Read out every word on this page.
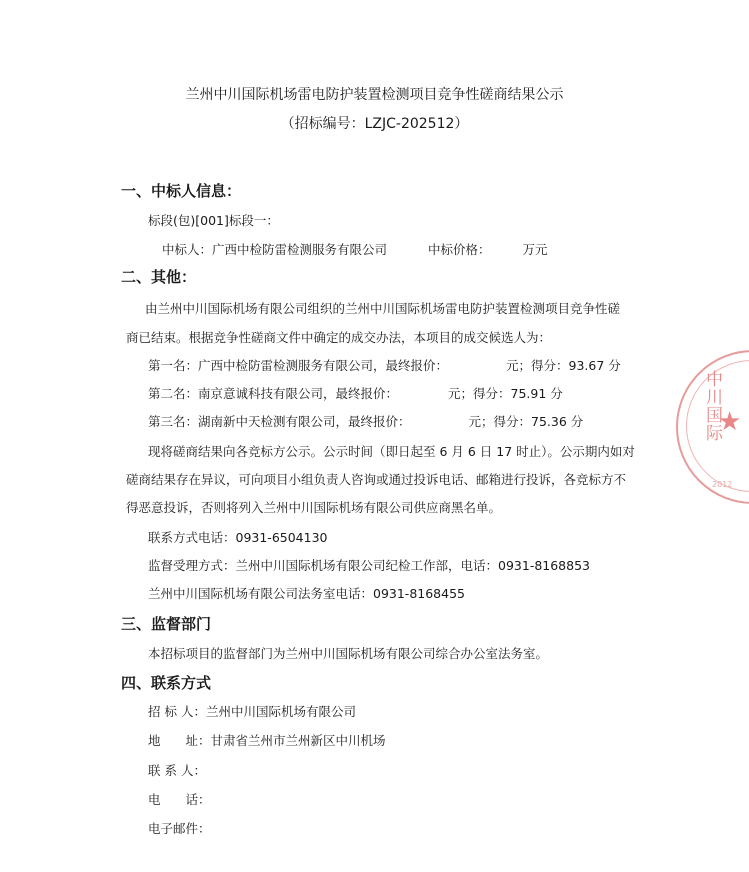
兰州中川国际机场雷电防护装置检测项目竞争性磋商结果公示
（招标编号：LZJC-202512）
一、中标人信息：
标段(包)[001]标段一：
中标人：广西中检防雷检测服务有限公司	中标价格：	万元
二、其他：
由兰州中川国际机场有限公司组织的兰州中川国际机场雷电防护装置检测项目竞争性磋
商已结束。根据竞争性磋商文件中确定的成交办法，本项目的成交候选人为：
第一名：广西中检防雷检测服务有限公司，最终报价：	元；得分：93.67 分
第二名：南京意诚科技有限公司，最终报价：	元；得分：75.91 分
第三名：湖南新中天检测有限公司，最终报价：	元；得分：75.36 分
现将磋商结果向各竞标方公示。公示时间（即日起至 6 月 6 日 17 时止）。公示期内如对
磋商结果存在异议，可向项目小组负责人咨询或通过投诉电话、邮箱进行投诉，各竞标方不
得恶意投诉，否则将列入兰州中川国际机场有限公司供应商黑名单。
联系方式电话：0931-6504130
监督受理方式：兰州中川国际机场有限公司纪检工作部，电话：0931-8168853
兰州中川国际机场有限公司法务室电话：0931-8168455
三、监督部门
本招标项目的监督部门为兰州中川国际机场有限公司综合办公室法务室。
四、联系方式
招 标 人：兰州中川国际机场有限公司
地　　址：甘肃省兰州市兰州新区中川机场
联 系 人：
电　　话：
电子邮件：
中川国际
★
2012
